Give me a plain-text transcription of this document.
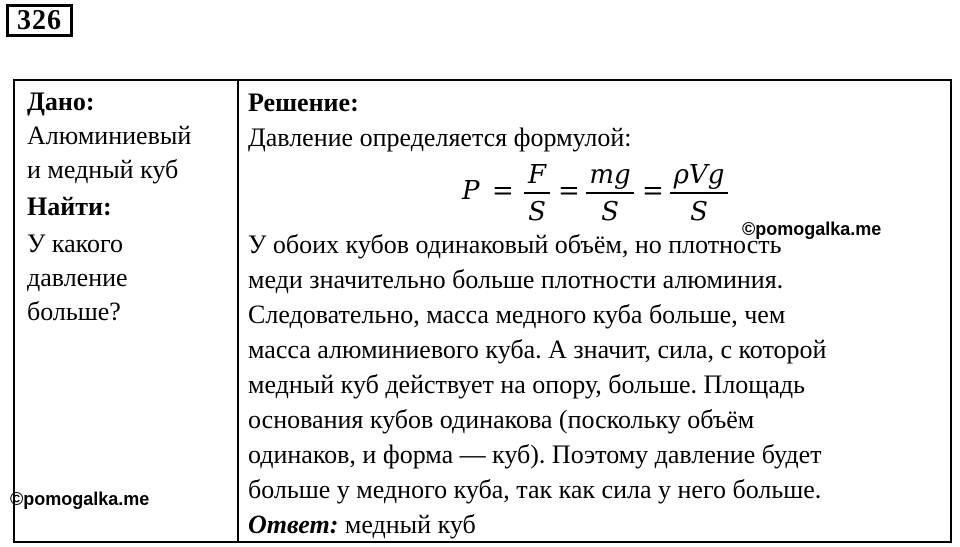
326

Дано:

Алюминиевый

и медный куб

Найти:

У какого

давление

больше?

Решение:

Давление определяется формулой:

У обоих кубов одинаковый объём, но плотность

меди значительно больше плотности алюминия.

Следовательно, масса медного куба больше, чем

масса алюминиевого куба. А значит, сила, с которой

медный куб действует на опору, больше. Площадь

основания кубов одинакова (поскольку объём

одинаков, и форма — куб). Поэтому давление будет

больше у медного куба, так как сила у него больше.

Ответ: медный куб

P =
F
S
=
mg
S
=
ρVg
S
©pomogalka.me
©pomogalka.me
